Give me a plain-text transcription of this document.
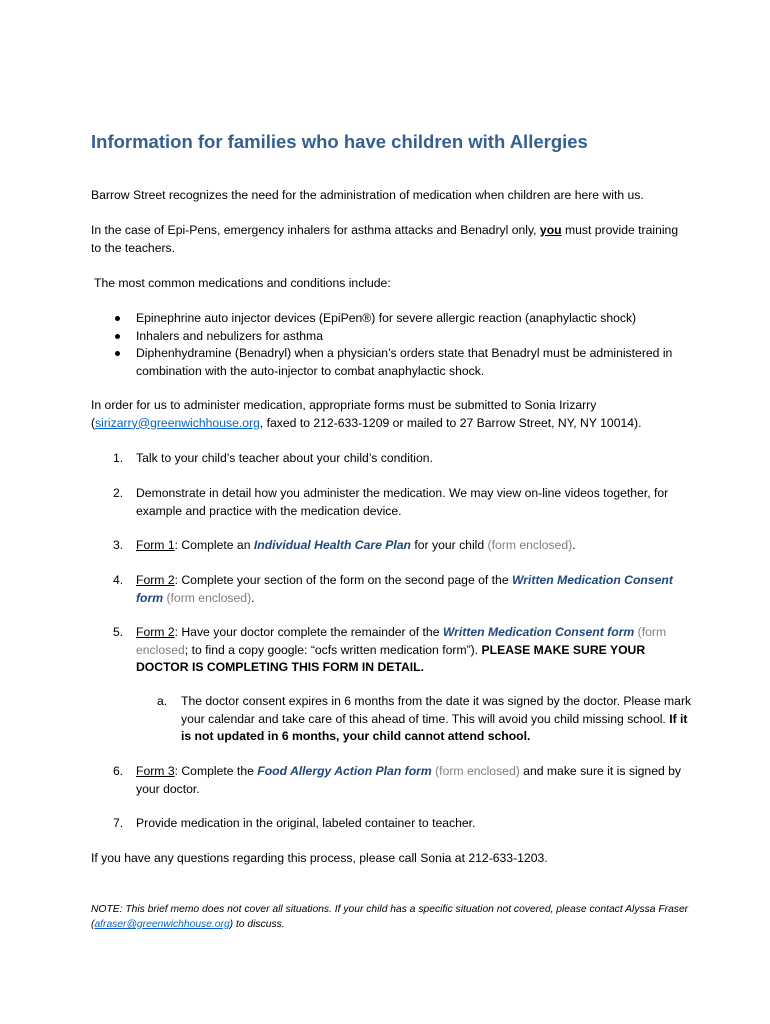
Information for families who have children with Allergies

Barrow Street recognizes the need for the administration of medication when children are here with us.

In the case of Epi-Pens, emergency inhalers for asthma attacks and Benadryl only, you must provide training to the teachers.

The most common medications and conditions include:

Epinephrine auto injector devices (EpiPen®) for severe allergic reaction (anaphylactic shock)
Inhalers and nebulizers for asthma
Diphenhydramine (Benadryl) when a physician’s orders state that Benadryl must be administered in combination with the auto-injector to combat anaphylactic shock.

In order for us to administer medication, appropriate forms must be submitted to Sonia Irizarry (sirizarry@greenwichhouse.org, faxed to 212-633-1209 or mailed to 27 Barrow Street, NY, NY 10014).

1. Talk to your child’s teacher about your child’s condition.

2. Demonstrate in detail how you administer the medication. We may view on-line videos together, for example and practice with the medication device.

3. Form 1: Complete an Individual Health Care Plan for your child (form enclosed).

4. Form 2: Complete your section of the form on the second page of the Written Medication Consent form (form enclosed).

5. Form 2: Have your doctor complete the remainder of the Written Medication Consent form (form enclosed; to find a copy google: “ocfs written medication form”). PLEASE MAKE SURE YOUR DOCTOR IS COMPLETING THIS FORM IN DETAIL.

a. The doctor consent expires in 6 months from the date it was signed by the doctor. Please mark your calendar and take care of this ahead of time. This will avoid you child missing school. If it is not updated in 6 months, your child cannot attend school.

6. Form 3: Complete the Food Allergy Action Plan form (form enclosed) and make sure it is signed by your doctor.

7. Provide medication in the original, labeled container to teacher.

If you have any questions regarding this process, please call Sonia at 212-633-1203.

NOTE: This brief memo does not cover all situations. If your child has a specific situation not covered, please contact Alyssa Fraser (afraser@greenwichhouse.org) to discuss.
